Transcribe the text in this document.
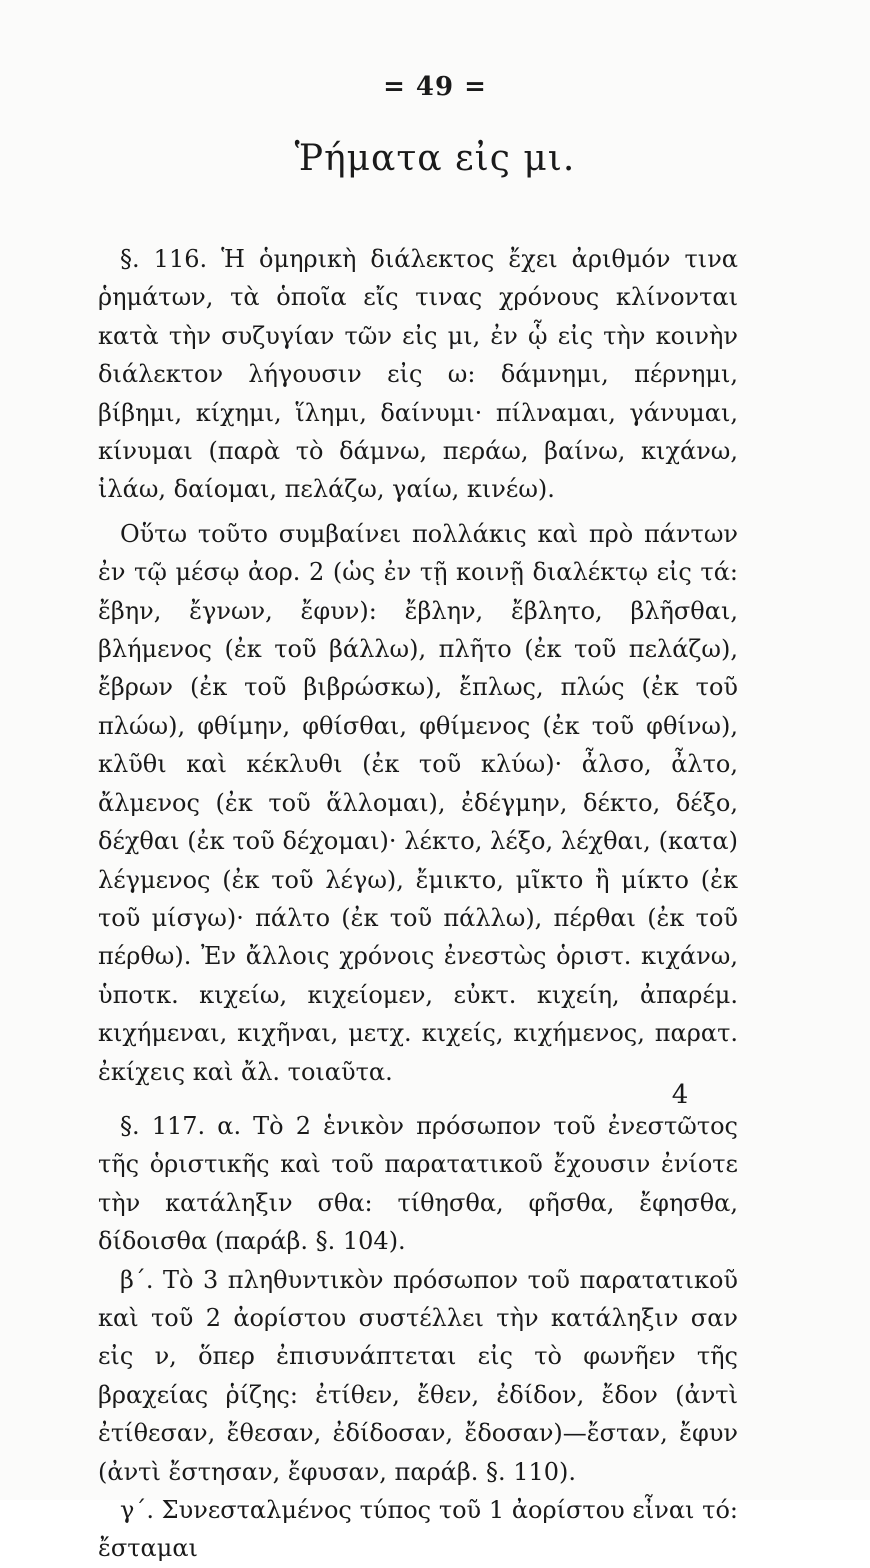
= 49 =
Ῥήματα εἰς μι.

§. 116. Ἡ ὁμηρικὴ διάλεκτος ἔχει ἀριθμόν τινα ῥημάτων, τὰ ὁποῖα εἴς τινας χρόνους κλίνονται κατὰ τὴν συζυγίαν τῶν εἰς μι, ἐν ᾧ εἰς τὴν κοινὴν διάλεκτον λήγουσιν εἰς ω: δάμνημι, πέρνημι, βίβημι, κίχημι, ἵλημι, δαίνυμι· πίλναμαι, γάνυμαι, κίνυμαι (παρὰ τὸ δάμνω, περάω, βαίνω, κιχάνω, ἱλάω, δαίομαι, πελάζω, γαίω, κινέω).

Οὕτω τοῦτο συμβαίνει πολλάκις καὶ πρὸ πάντων ἐν τῷ μέσῳ ἀορ. 2 (ὡς ἐν τῇ κοινῇ διαλέκτῳ εἰς τά: ἔβην, ἔγνων, ἔφυν): ἔβλην, ἔβλητο, βλῆσθαι, βλήμενος (ἐκ τοῦ βάλλω), πλῆτο (ἐκ τοῦ πελάζω), ἔβρων (ἐκ τοῦ βιβρώσκω), ἔπλως, πλώς (ἐκ τοῦ πλώω), φθίμην, φθίσθαι, φθίμενος (ἐκ τοῦ φθίνω), κλῦθι καὶ κέκλυθι (ἐκ τοῦ κλύω)· ἆλσο, ἆλτο, ἄλμενος (ἐκ τοῦ ἅλλομαι), ἐδέγμην, δέκτο, δέξο, δέχθαι (ἐκ τοῦ δέχομαι)· λέκτο, λέξο, λέχθαι, (κατα) λέγμενος (ἐκ τοῦ λέγω), ἔμικτο, μῖκτο ἢ μίκτο (ἐκ τοῦ μίσγω)· πάλτο (ἐκ τοῦ πάλλω), πέρθαι (ἐκ τοῦ πέρθω). Ἐν ἄλλοις χρόνοις ἐνεστὼς ὁριστ. κιχάνω, ὑποτκ. κιχείω, κιχείομεν, εὐκτ. κιχείη, ἀπαρέμ. κιχήμεναι, κιχῆναι, μετχ. κιχείς, κιχήμενος, παρατ. ἐκίχεις καὶ ἄλ. τοιαῦτα.

§. 117. α. Τὸ 2 ἑνικὸν πρόσωπον τοῦ ἐνεστῶτος τῆς ὁριστικῆς καὶ τοῦ παρατατικοῦ ἔχουσιν ἐνίοτε τὴν κατάληξιν σθα: τίθησθα, φῆσθα, ἔφησθα, δίδοισθα (παράβ. §. 104).

β΄. Τὸ 3 πληθυντικὸν πρόσωπον τοῦ παρατατικοῦ καὶ τοῦ 2 ἀορίστου συστέλλει τὴν κατάληξιν σαν εἰς ν, ὅπερ ἐπισυνάπτεται εἰς τὸ φωνῆεν τῆς βραχείας ῥίζης: ἐτίθεν, ἔθεν, ἐδίδον, ἔδον (ἀντὶ ἐτίθεσαν, ἔθεσαν, ἐδίδοσαν, ἔδοσαν)—ἔσταν, ἔφυν (ἀντὶ ἔστησαν, ἔφυσαν, παράβ. §. 110).

γ΄. Συνεσταλμένος τύπος τοῦ 1 ἀορίστου εἶναι τό: ἔσταμαι

4
